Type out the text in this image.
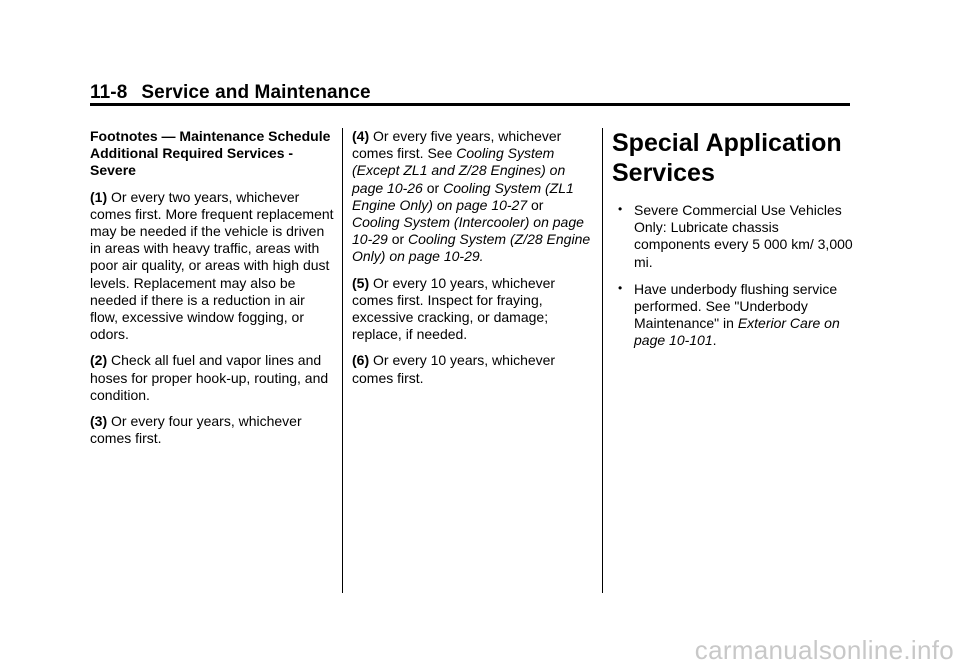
11-8 Service and Maintenance

Footnotes — Maintenance Schedule Additional Required Services - Severe

(1) Or every two years, whichever comes first. More frequent replacement may be needed if the vehicle is driven in areas with heavy traffic, areas with poor air quality, or areas with high dust levels. Replacement may also be needed if there is a reduction in air flow, excessive window fogging, or odors.

(2) Check all fuel and vapor lines and hoses for proper hook-up, routing, and condition.

(3) Or every four years, whichever comes first.

(4) Or every five years, whichever comes first. See Cooling System (Except ZL1 and Z/28 Engines) on page 10-26 or Cooling System (ZL1 Engine Only) on page 10-27 or Cooling System (Intercooler) on page 10-29 or Cooling System (Z/28 Engine Only) on page 10-29.

(5) Or every 10 years, whichever comes first. Inspect for fraying, excessive cracking, or damage; replace, if needed.

(6) Or every 10 years, whichever comes first.

Special Application Services
• Severe Commercial Use Vehicles Only: Lubricate chassis components every 5 000 km/ 3,000 mi.
• Have underbody flushing service performed. See "Underbody Maintenance" in Exterior Care on page 10-101.
carmanualsonline.info
